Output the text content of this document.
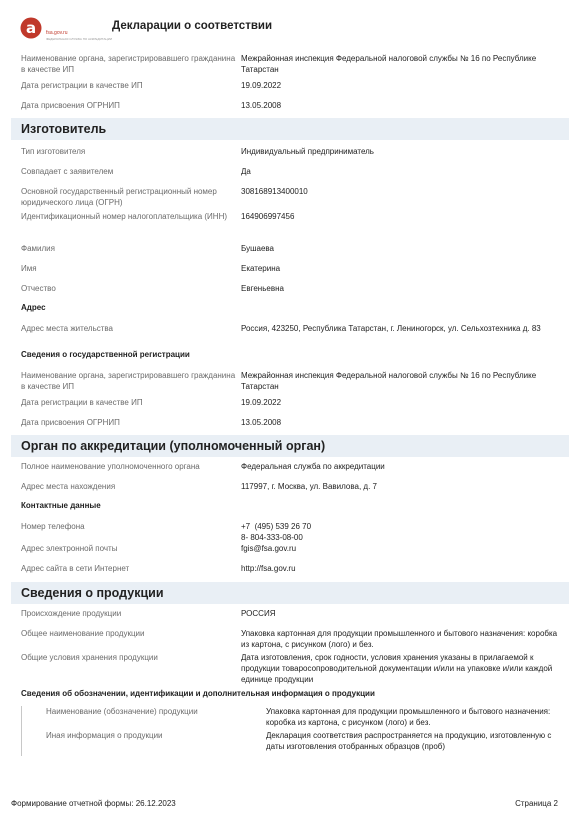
a fsa.gov.ru
ФЕДЕРАЛЬНАЯ СЛУЖБА ПО АККРЕДИТАЦИИ
Декларации о соответствии
Наименование органа, зарегистрировавшего гражданина в качестве ИП
Межрайонная инспекция Федеральной налоговой службы № 16 по Республике Татарстан
Дата регистрации в качестве ИП	19.09.2022
Дата присвоения ОГРНИП	13.05.2008
Изготовитель
Тип изготовителя	Индивидуальный предприниматель
Совпадает с заявителем	Да
Основной государственный регистрационный номер юридического лица (ОГРН)
308168913400010
Идентификационный номер налогоплательщика (ИНН)	164906997456
Фамилия	Бушаева
Имя	Екатерина
Отчество	Евгеньевна
Адрес
Адрес места жительства	Россия, 423250, Республика Татарстан, г. Лениногорск, ул. Сельхозтехника д. 83
Сведения о государственной регистрации
Наименование органа, зарегистрировавшего гражданина в качестве ИП
Межрайонная инспекция Федеральной налоговой службы № 16 по Республике Татарстан
Дата регистрации в качестве ИП	19.09.2022
Дата присвоения ОГРНИП	13.05.2008
Орган по аккредитации (уполномоченный орган)
Полное наименование уполномоченного органа	Федеральная служба по аккредитации
Адрес места нахождения	117997, г. Москва, ул. Вавилова, д. 7
Контактные данные
Номер телефона	+7  (495) 539 26 70
8- 804-333-08-00
Адрес электронной почты	fgis@fsa.gov.ru
Адрес сайта в сети Интернет	http://fsa.gov.ru
Сведения о продукции
Происхождение продукции	РОССИЯ
Общее наименование продукции	Упаковка картонная для продукции промышленного и бытового назначения: коробка из картона, с рисунком (лого) и без.
Общие условия хранения продукции	Дата изготовления, срок годности, условия хранения указаны в прилагаемой к продукции товаросопроводительной документации и/или на упаковке и/или каждой единице продукции
Сведения об обозначении, идентификации и дополнительная информация о продукции
Наименование (обозначение) продукции	Упаковка картонная для продукции промышленного и бытового назначения: коробка из картона, с рисунком (лого) и без.
Иная информация о продукции	Декларация соответствия распространяется на продукцию, изготовленную с даты изготовления отобранных образцов (проб)
Формирование отчетной формы: 26.12.2023	Страница 2
